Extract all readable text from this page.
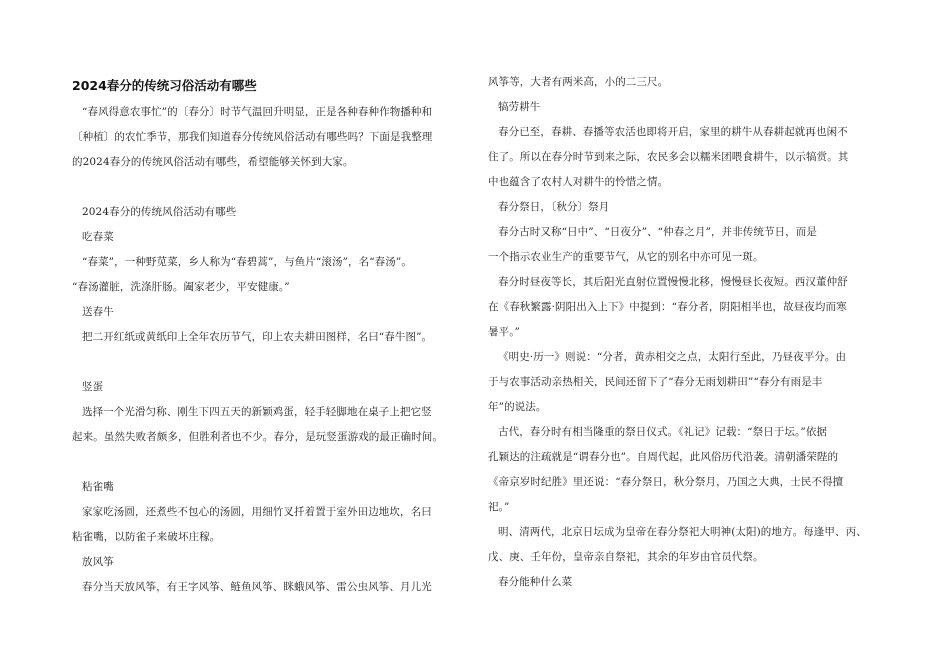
2024春分的传统习俗活动有哪些

“春风得意农事忙”的〔春分〕时节气温回升明显，正是各种春种作物播种和

〔种植〕的农忙季节，那我们知道春分传统风俗活动有哪些吗？下面是我整理

的2024春分的传统风俗活动有哪些，希望能够关怀到大家。

2024春分的传统风俗活动有哪些

吃春菜

“春菜”，一种野苋菜，乡人称为“春碧蒿”，与鱼片“滚汤”，名“春汤”。

“春汤灌脏，洗涤肝肠。阖家老少，平安健康。”

送春牛

把二开红纸或黄纸印上全年农历节气，印上农夫耕田图样，名曰“春牛图”。

竖蛋

选择一个光滑匀称、刚生下四五天的新颖鸡蛋，轻手轻脚地在桌子上把它竖

起来。虽然失败者颇多，但胜利者也不少。春分，是玩竖蛋游戏的最正确时间。

粘雀嘴

家家吃汤圆，还煮些不包心的汤圆，用细竹叉扦着置于室外田边地坎，名曰

粘雀嘴，以防雀子来破坏庄稼。

放风筝

春分当天放风筝，有王字风筝、鲢鱼风筝、眯蛾风筝、雷公虫风筝、月儿光

风筝等，大者有两米高，小的二三尺。

犒劳耕牛

春分已至，春耕、春播等农活也即将开启，家里的耕牛从春耕起就再也闲不

住了。所以在春分时节到来之际，农民多会以糯米团喂食耕牛，以示犒赏。其

中也蕴含了农村人对耕牛的怜惜之情。

春分祭日，〔秋分〕祭月

春分古时又称“日中”、“日夜分”、“仲春之月”，并非传统节日，而是

一个指示农业生产的重要节气，从它的别名中亦可见一斑。

春分时昼夜等长，其后阳光直射位置慢慢北移，慢慢昼长夜短。西汉董仲舒

在《春秋繁露·阴阳出入上下》中提到：“春分者，阴阳相半也，故昼夜均而寒

暑平。”

《明史·历一》则说：“分者，黄赤相交之点，太阳行至此，乃昼夜平分。由

于与农事活动亲热相关，民间还留下了“春分无雨划耕田”“春分有雨是丰

年”的说法。

古代，春分时有相当隆重的祭日仪式。《礼记》记载：“祭日于坛。”依据

孔颖达的注疏就是“谓春分也”。自周代起，此风俗历代沿袭。清朝潘荣陛的

《帝京岁时纪胜》里还说：“春分祭日，秋分祭月，乃国之大典，士民不得擅

祀。”

明、清两代，北京日坛成为皇帝在春分祭祀大明神(太阳)的地方。每逢甲、丙、

戊、庚、壬年份，皇帝亲自祭祀，其余的年岁由官员代祭。

春分能种什么菜
